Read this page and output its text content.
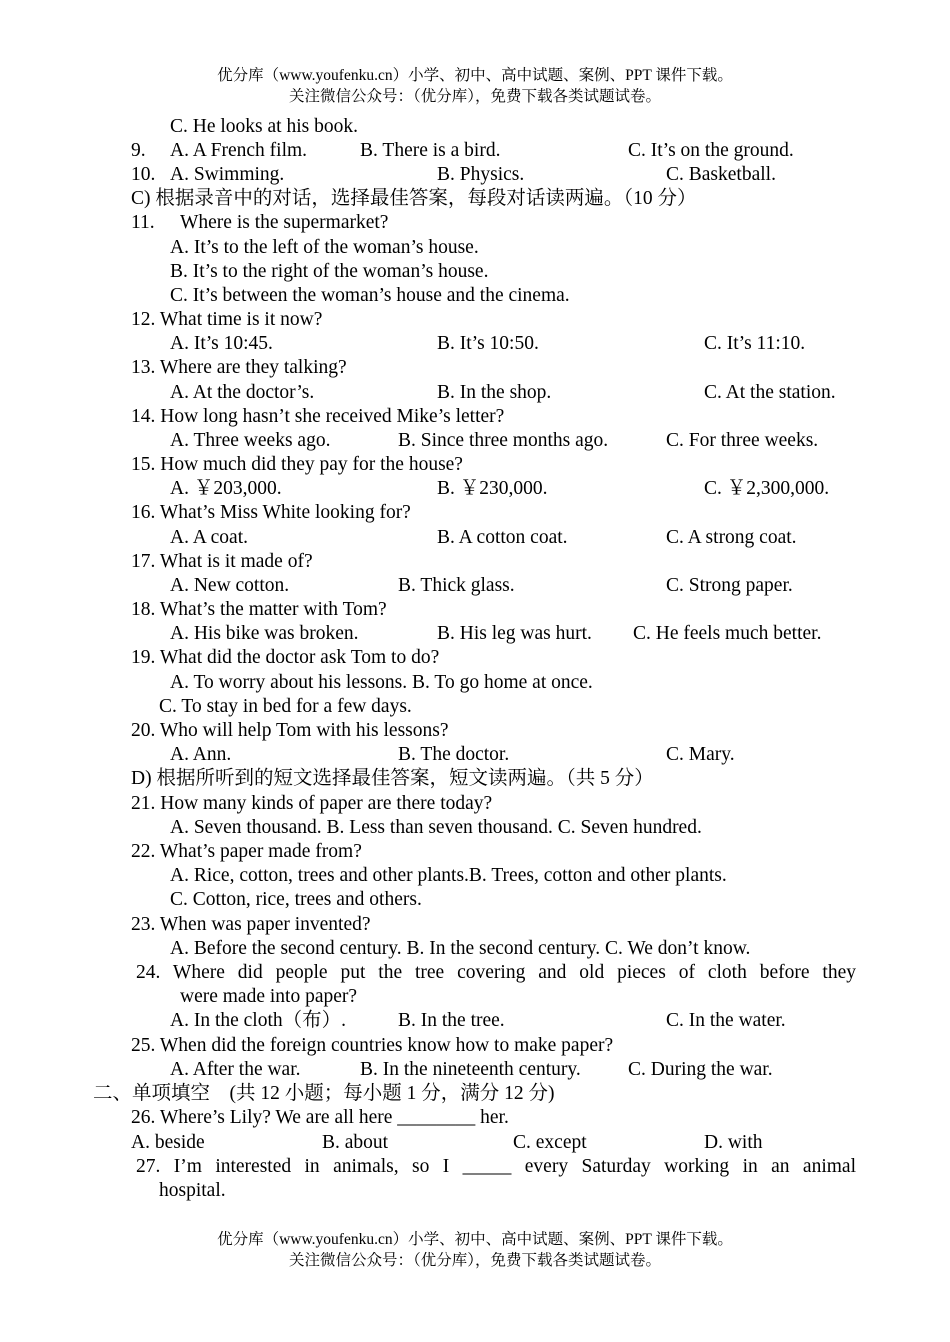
优分库（www.youfenku.cn）小学、初中、高中试题、案例、PPT 课件下载。
关注微信公众号：（优分库），免费下载各类试题试卷。
C. He looks at his book.
9. A. A French film.	B. There is a bird.	C. It’s on the ground.
10. A. Swimming.	B. Physics.	C. Basketball.
C) 根据录音中的对话，选择最佳答案，每段对话读两遍。（10 分）
11. Where is the supermarket?
A. It’s to the left of the woman’s house.
B. It’s to the right of the woman’s house.
C. It’s between the woman’s house and the cinema.
12. What time is it now?
A. It’s 10:45.	B. It’s 10:50.	C. It’s 11:10.
13. Where are they talking?
A. At the doctor’s.	B. In the shop.	C. At the station.
14. How long hasn’t she received Mike’s letter?
A. Three weeks ago.	B. Since three months ago.	C. For three weeks.
15. How much did they pay for the house?
A. ￥203,000.	B. ￥230,000.	C. ￥2,300,000.
16. What’s Miss White looking for?
A. A coat.	B. A cotton coat.	C. A strong coat.
17. What is it made of?
A. New cotton.	B. Thick glass.	C. Strong paper.
18. What’s the matter with Tom?
A. His bike was broken.	B. His leg was hurt. C. He feels much better.
19. What did the doctor ask Tom to do?
A. To worry about his lessons. B. To go home at once.
C. To stay in bed for a few days.
20. Who will help Tom with his lessons?
A. Ann.	B. The doctor.	C. Mary.
D) 根据所听到的短文选择最佳答案，短文读两遍。（共 5 分）
21. How many kinds of paper are there today?
A. Seven thousand. B. Less than seven thousand. C. Seven hundred.
22. What’s paper made from?
A. Rice, cotton, trees and other plants.B. Trees, cotton and other plants.
C. Cotton, rice, trees and others.
23. When was paper invented?
A. Before the second century. B. In the second century. C. We don’t know.
24. Where did people put the tree covering and old pieces of cloth before they
were made into paper?
A. In the cloth（布）.	B. In the tree.	C. In the water.
25. When did the foreign countries know how to make paper?
A. After the war.	B. In the nineteenth century. C. During the war.
二、单项填空　(共 12 小题；每小题 1 分，满分 12 分)
26. Where’s Lily? We are all here ________ her.
A. beside	B. about	C. except	D. with
27. I’m interested in animals, so I _____ every Saturday working in an animal
hospital.
优分库（www.youfenku.cn）小学、初中、高中试题、案例、PPT 课件下载。
关注微信公众号：（优分库），免费下载各类试题试卷。
